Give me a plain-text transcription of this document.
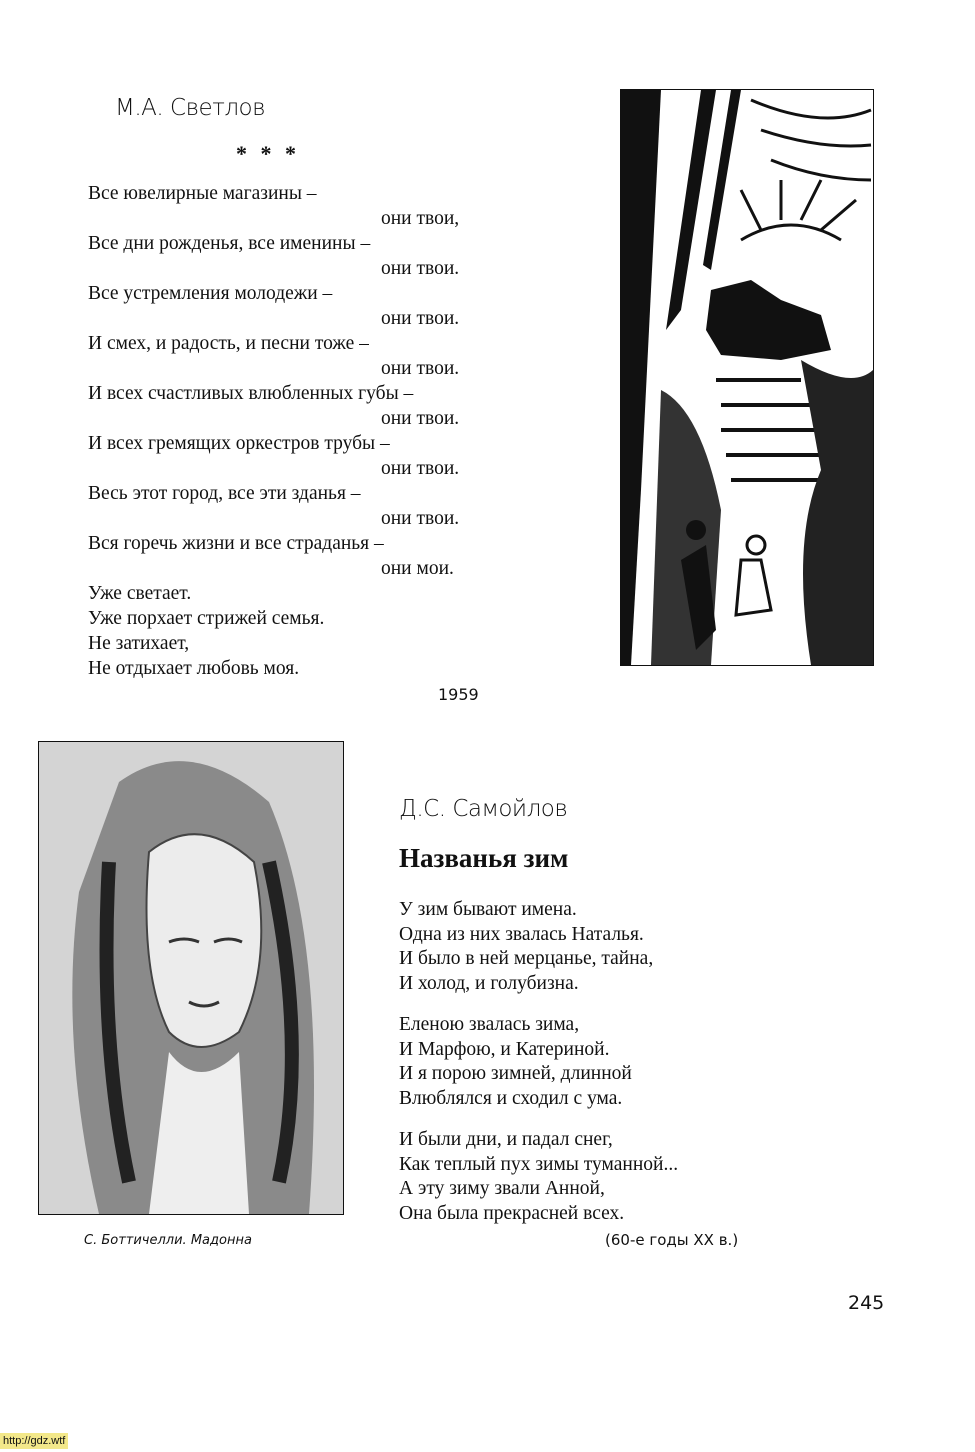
М.А. Светлов
* * *
Все ювелирные магазины –
они твои,
Все дни рожденья, все именины –
они твои.
Все устремления молодежи –
они твои.
И смех, и радость, и песни тоже –
они твои.
И всех счастливых влюбленных губы –
они твои.
И всех гремящих оркестров трубы –
они твои.
Весь этот город, все эти зданья –
они твои.
Вся горечь жизни и все страданья –
они мои.
Уже светает.
Уже порхает стрижей семья.
Не затихает,
Не отдыхает любовь моя.
1959
С. Боттичелли. Мадонна
Д.С. Самойлов
Названья зим
У зим бывают имена.
Одна из них звалась Наталья.
И было в ней мерцанье, тайна,
И холод, и голубизна.
Еленою звалась зима,
И Марфою, и Катериной.
И я порою зимней, длинной
Влюблялся и сходил с ума.
И были дни, и падал снег,
Как теплый пух зимы туманной...
А эту зиму звали Анной,
Она была прекрасней всех.
(60-е годы XX в.)
245
http://gdz.wtf
